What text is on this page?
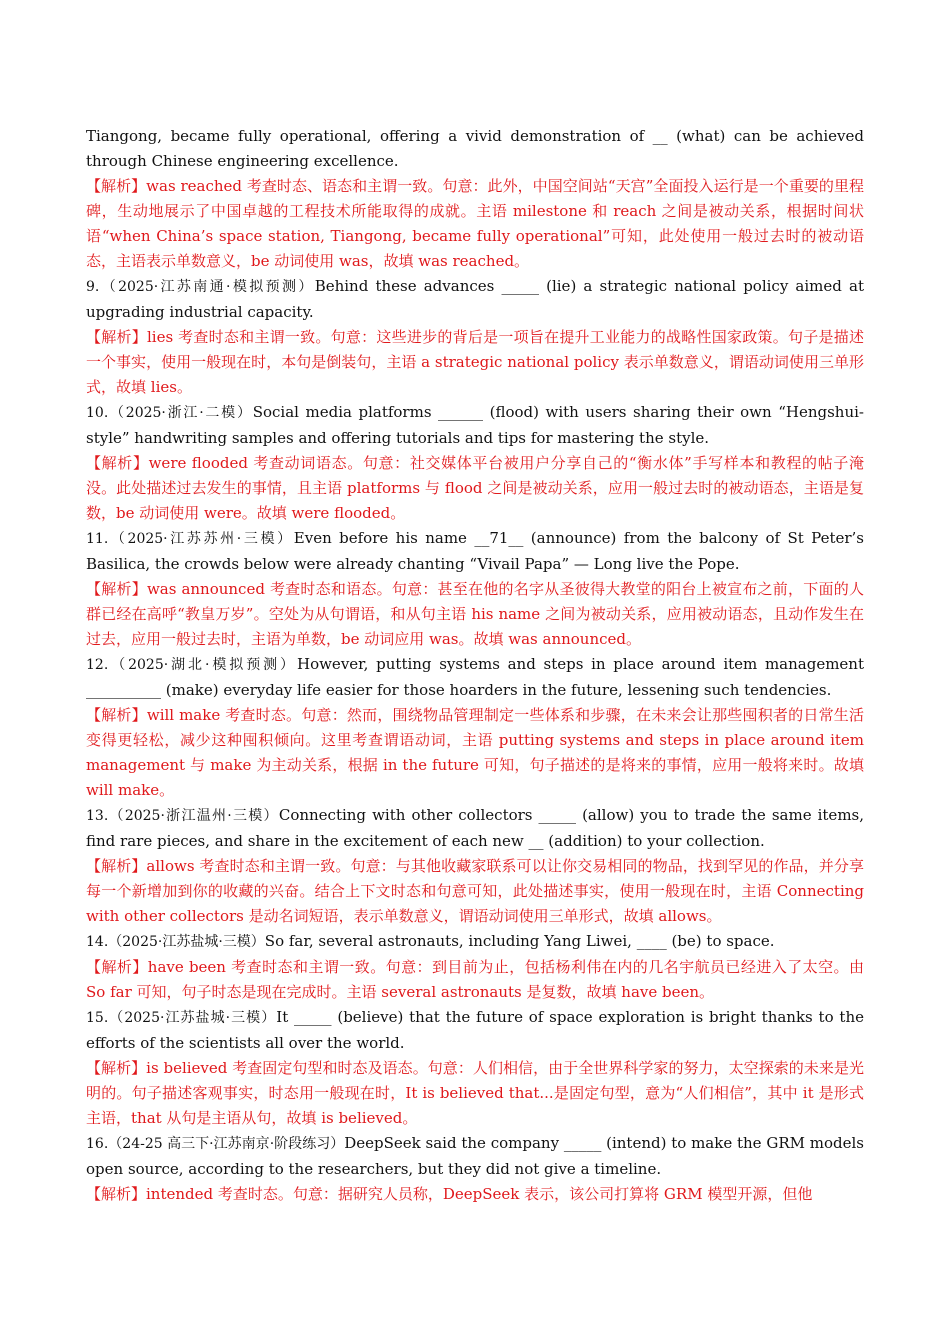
Tiangong, became fully operational, offering a vivid demonstration of __ (what) can be achieved through Chinese engineering excellence.

【解析】was reached 考查时态、语态和主谓一致。句意：此外，中国空间站“天宫”全面投入运行是一个重要的里程碑，生动地展示了中国卓越的工程技术所能取得的成就。主语 milestone 和 reach 之间是被动关系，根据时间状语“when China’s space station, Tiangong, became fully operational”可知，此处使用一般过去时的被动语态，主语表示单数意义，be 动词使用 was，故填 was reached。

9.（2025·江苏南通·模拟预测）Behind these advances _____ (lie) a strategic national policy aimed at upgrading industrial capacity.

【解析】lies 考查时态和主谓一致。句意：这些进步的背后是一项旨在提升工业能力的战略性国家政策。句子是描述一个事实，使用一般现在时，本句是倒装句，主语 a strategic national policy 表示单数意义，谓语动词使用三单形式，故填 lies。

10.（2025·浙江·二模）Social media platforms ______ (flood) with users sharing their own “Hengshui-style” handwriting samples and offering tutorials and tips for mastering the style.

【解析】were flooded 考查动词语态。句意：社交媒体平台被用户分享自己的“衡水体”手写样本和教程的帖子淹没。此处描述过去发生的事情，且主语 platforms 与 flood 之间是被动关系，应用一般过去时的被动语态，主语是复数，be 动词使用 were。故填 were flooded。

11.（2025·江苏苏州·三模）Even before his name __71__ (announce) from the balcony of St Peter’s Basilica, the crowds below were already chanting “Vivail Papa” — Long live the Pope.

【解析】was announced 考查时态和语态。句意：甚至在他的名字从圣彼得大教堂的阳台上被宣布之前，下面的人群已经在高呼“教皇万岁”。空处为从句谓语，和从句主语 his name 之间为被动关系，应用被动语态，且动作发生在过去，应用一般过去时，主语为单数，be 动词应用 was。故填 was announced。

12.（2025·湖北·模拟预测）However, putting systems and steps in place around item management __________ (make) everyday life easier for those hoarders in the future, lessening such tendencies.

【解析】will make 考查时态。句意：然而，围绕物品管理制定一些体系和步骤，在未来会让那些囤积者的日常生活变得更轻松，减少这种囤积倾向。这里考查谓语动词，主语 putting systems and steps in place around item management 与 make 为主动关系，根据 in the future 可知，句子描述的是将来的事情，应用一般将来时。故填 will make。

13.（2025·浙江温州·三模）Connecting with other collectors _____ (allow) you to trade the same items, find rare pieces, and share in the excitement of each new __ (addition) to your collection.

【解析】allows 考查时态和主谓一致。句意：与其他收藏家联系可以让你交易相同的物品，找到罕见的作品，并分享每一个新增加到你的收藏的兴奋。结合上下文时态和句意可知，此处描述事实，使用一般现在时，主语 Connecting with other collectors 是动名词短语，表示单数意义，谓语动词使用三单形式，故填 allows。

14.（2025·江苏盐城·三模）So far, several astronauts, including Yang Liwei, ____ (be) to space.

【解析】have been 考查时态和主谓一致。句意：到目前为止，包括杨利伟在内的几名宇航员已经进入了太空。由 So far 可知，句子时态是现在完成时。主语 several astronauts 是复数，故填 have been。

15.（2025·江苏盐城·三模）It _____ (believe) that the future of space exploration is bright thanks to the efforts of the scientists all over the world.

【解析】is believed 考查固定句型和时态及语态。句意：人们相信，由于全世界科学家的努力，太空探索的未来是光明的。句子描述客观事实，时态用一般现在时，It is believed that...是固定句型，意为“人们相信”，其中 it 是形式主语，that 从句是主语从句，故填 is believed。

16.（24-25 高三下·江苏南京·阶段练习）DeepSeek said the company _____ (intend) to make the GRM models open source, according to the researchers, but they did not give a timeline.

【解析】intended 考查时态。句意：据研究人员称，DeepSeek 表示，该公司打算将 GRM 模型开源，但他
